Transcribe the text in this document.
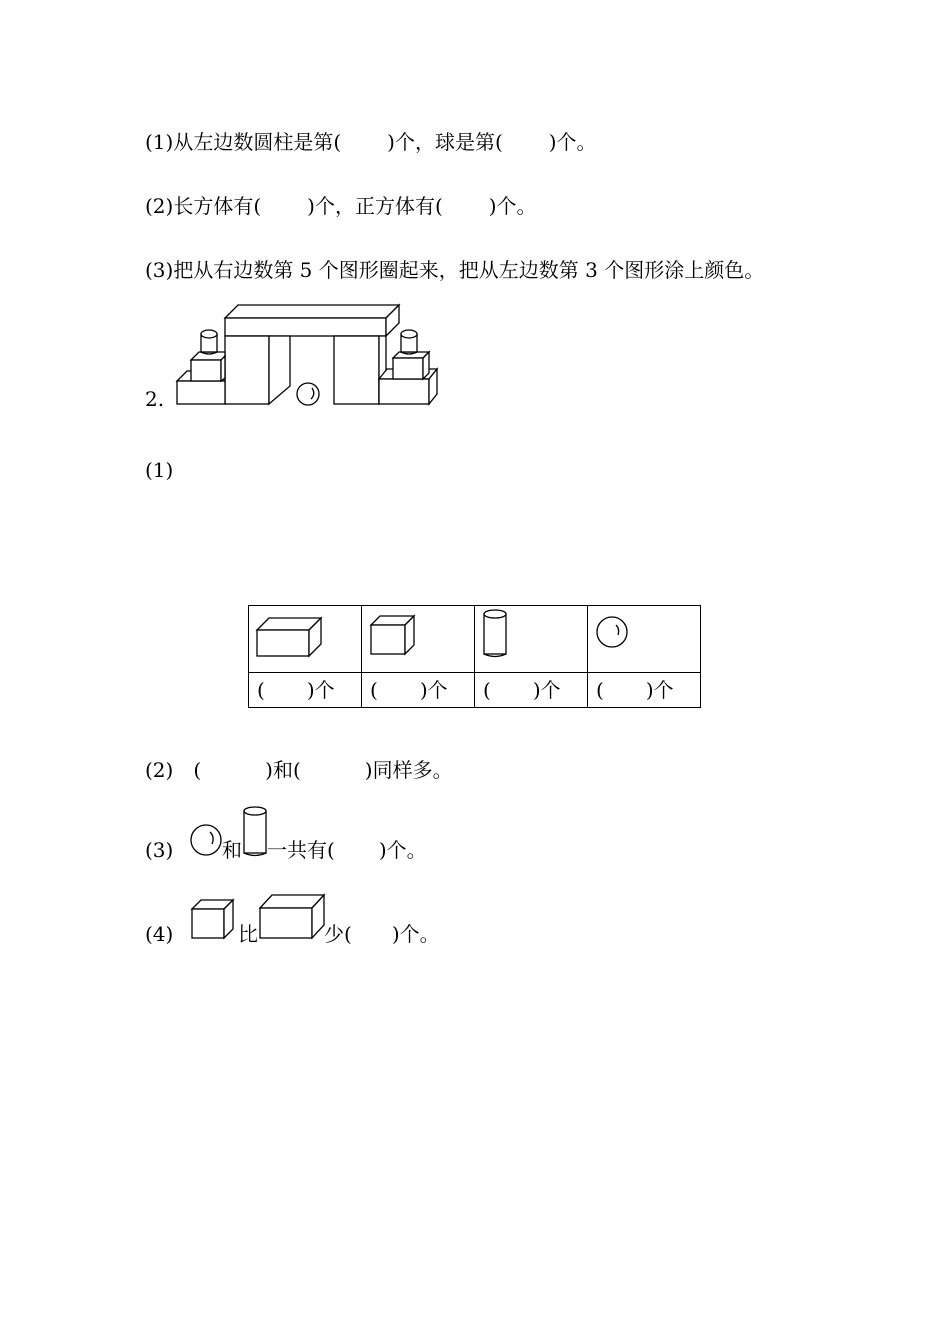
(1)从左边数圆柱是第( )个，球是第( )个。
(2)长方体有( )个，正方体有( )个。
(3)把从右边数第 5 个图形圈起来，把从左边数第 3 个图形涂上颜色。
2.
(1)

( )个	( )个	( )个	( )个
(2) (	)和(	)同样多。
(3) 和 一共有( )个。
(4)	比	少( )个。
